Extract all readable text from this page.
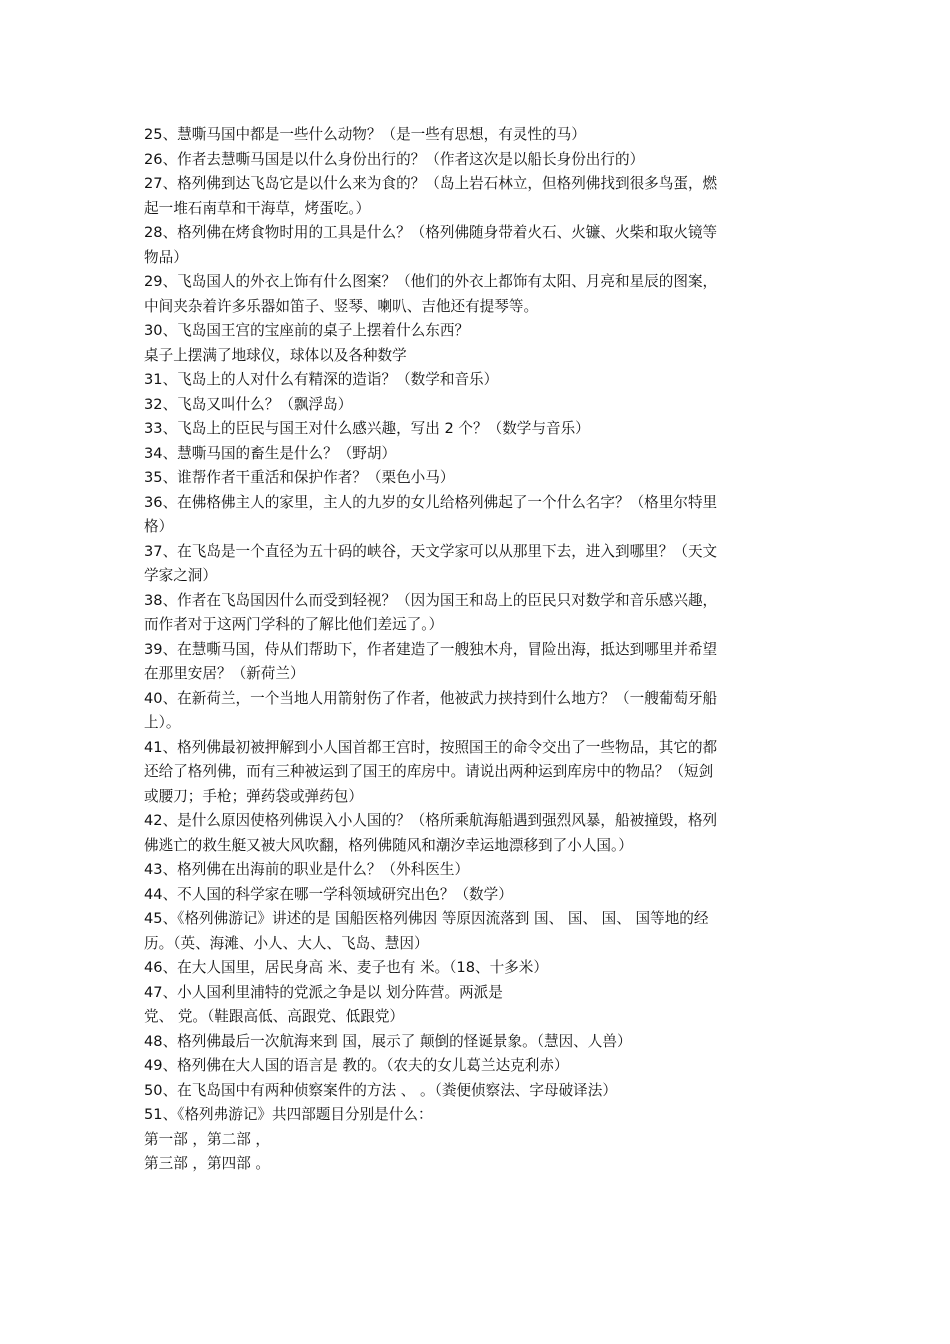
25、慧嘶马国中都是一些什么动物？（是一些有思想，有灵性的马）
26、作者去慧嘶马国是以什么身份出行的？（作者这次是以船长身份出行的）
27、格列佛到达飞岛它是以什么来为食的？（岛上岩石林立，但格列佛找到很多鸟蛋，燃
起一堆石南草和干海草，烤蛋吃。）
28、格列佛在烤食物时用的工具是什么？（格列佛随身带着火石、火镰、火柴和取火镜等
物品）
29、飞岛国人的外衣上饰有什么图案？（他们的外衣上都饰有太阳、月亮和星辰的图案，
中间夹杂着许多乐器如笛子、竖琴、喇叭、吉他还有提琴等。
30、飞岛国王宫的宝座前的桌子上摆着什么东西？
桌子上摆满了地球仪，球体以及各种数学
31、飞岛上的人对什么有精深的造诣？（数学和音乐）
32、飞岛又叫什么？（飘浮岛）
33、飞岛上的臣民与国王对什么感兴趣，写出 2 个？（数学与音乐）
34、慧嘶马国的畜生是什么？（野胡）
35、谁帮作者干重活和保护作者？（栗色小马）
36、在佛格佛主人的家里，主人的九岁的女儿给格列佛起了一个什么名字？（格里尔特里
格）
37、在飞岛是一个直径为五十码的峡谷，天文学家可以从那里下去，进入到哪里？（天文
学家之洞）
38、作者在飞岛国因什么而受到轻视？（因为国王和岛上的臣民只对数学和音乐感兴趣，
而作者对于这两门学科的了解比他们差远了。）
39、在慧嘶马国，侍从们帮助下，作者建造了一艘独木舟，冒险出海，抵达到哪里并希望
在那里安居？（新荷兰）
40、在新荷兰，一个当地人用箭射伤了作者，他被武力挟持到什么地方？（一艘葡萄牙船
上）。
41、格列佛最初被押解到小人国首都王宫时，按照国王的命令交出了一些物品，其它的都
还给了格列佛，而有三种被运到了国王的库房中。请说出两种运到库房中的物品？（短剑
或腰刀；手枪；弹药袋或弹药包）
42、是什么原因使格列佛误入小人国的？（格所乘航海船遇到强烈风暴，船被撞毁，格列
佛逃亡的救生艇又被大风吹翻，格列佛随风和潮汐幸运地漂移到了小人国。）
43、格列佛在出海前的职业是什么？（外科医生）
44、不人国的科学家在哪一学科领域研究出色？（数学）
45、《格列佛游记》讲述的是 国船医格列佛因 等原因流落到 国、 国、 国、 国等地的经
历。（英、海滩、小人、大人、飞岛、慧因）
46、在大人国里，居民身高 米、麦子也有 米。（18、十多米）
47、小人国利里浦特的党派之争是以 划分阵营。两派是
党、 党。（鞋跟高低、高跟党、低跟党）
48、格列佛最后一次航海来到 国，展示了 颠倒的怪诞景象。（慧因、人兽）
49、格列佛在大人国的语言是 教的。（农夫的女儿葛兰达克利赤）
50、在飞岛国中有两种侦察案件的方法 、 。（粪便侦察法、字母破译法）
51、《格列弗游记》共四部题目分别是什么：
第一部 ，第二部 ，
第三部 ，第四部 。
